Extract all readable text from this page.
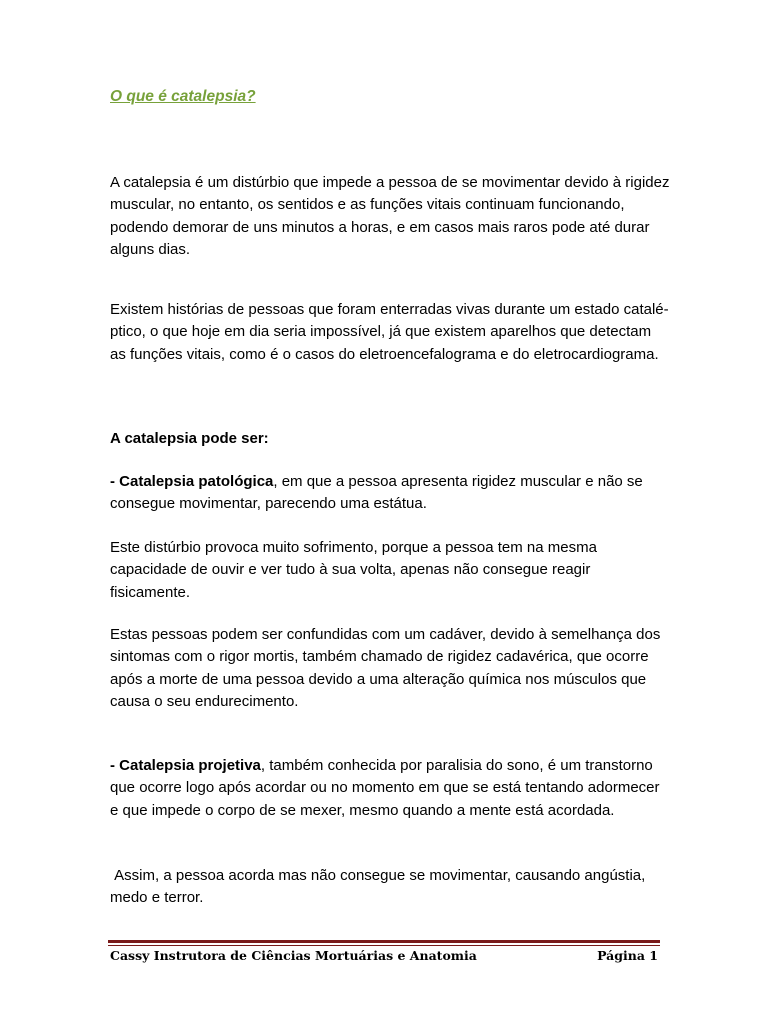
O que é catalepsia?

A catalepsia é um distúrbio que impede a pessoa de se movimentar devido à rigidez muscular, no entanto, os sentidos e as funções vitais continuam funcionando, podendo demorar de uns minutos a horas, e em casos mais raros pode até durar alguns dias.

Existem histórias de pessoas que foram enterradas vivas durante um estado cataléptico, o que hoje em dia seria impossível, já que existem aparelhos que detectam as funções vitais, como é o casos do eletroencefalograma e do eletrocardiograma.

A catalepsia pode ser:

- Catalepsia patológica, em que a pessoa apresenta rigidez muscular e não se consegue movimentar, parecendo uma estátua.

Este distúrbio provoca muito sofrimento, porque a pessoa tem na mesma capacidade de ouvir e ver tudo à sua volta, apenas não consegue reagir fisicamente.

Estas pessoas podem ser confundidas com um cadáver, devido à semelhança dos sintomas com o rigor mortis, também chamado de rigidez cadavérica, que ocorre após a morte de uma pessoa devido a uma alteração química nos músculos que causa o seu endurecimento.

- Catalepsia projetiva, também conhecida por paralisia do sono, é um transtorno que ocorre logo após acordar ou no momento em que se está tentando adormecer e que impede o corpo de se mexer, mesmo quando a mente está acordada.

Assim, a pessoa acorda mas não consegue se movimentar, causando angústia, medo e terror.

Cassy Instrutora de Ciências Mortuárias e Anatomia	Página 1
